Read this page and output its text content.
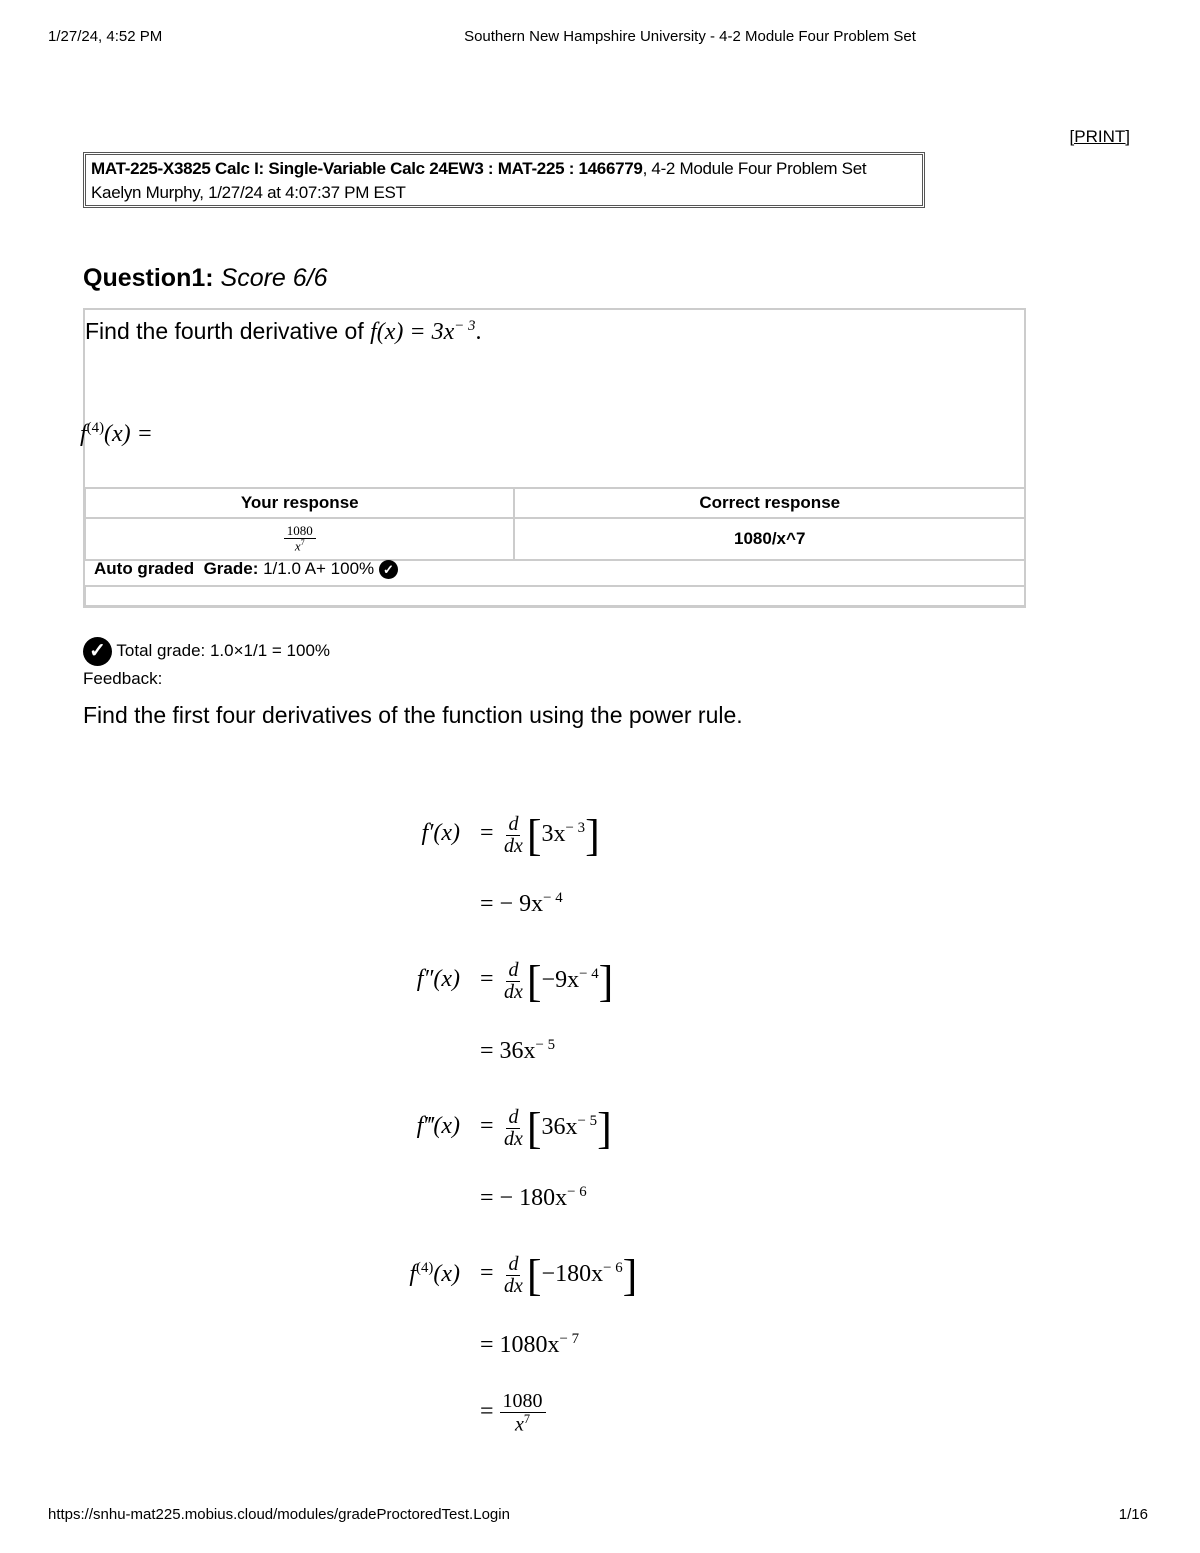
1/27/24, 4:52 PM	Southern New Hampshire University - 4-2 Module Four Problem Set
[PRINT]
MAT-225-X3825 Calc I: Single-Variable Calc 24EW3 : MAT-225 : 1466779, 4-2 Module Four Problem Set
Kaelyn Murphy, 1/27/24 at 4:07:37 PM EST
Question1: Score 6/6
Find the fourth derivative of $f(x) = 3x^{- 3}$.
$f^{(4)}(x)$ =
Your response	Correct response

$\frac{1080}{x^7}$	1080/x^7
Auto graded Grade: 1/1.0 A+ 100% ✓
✓ Total grade: 1.0×1/1 = 100%
Feedback:
Find the first four derivatives of the function using the power rule.
$f'(x) = \frac{d}{dx} [3x^{- 3}]$
= − $9x^{- 4}$
$f''(x) = \frac{d}{dx} [-9x^{- 4}]$
= $36x^{- 5}$
f‴(x) = $\frac{d}{dx} [36x^{- 5}]$
= − $180x^{- 6}$
$f^{(4)}(x) = \frac{d}{dx} [-180x^{- 6}]$
= $1080x^{- 7}$
= $\frac{1080}{x^7}$
https://snhu-mat225.mobius.cloud/modules/gradeProctoredTest.Login	1/16
